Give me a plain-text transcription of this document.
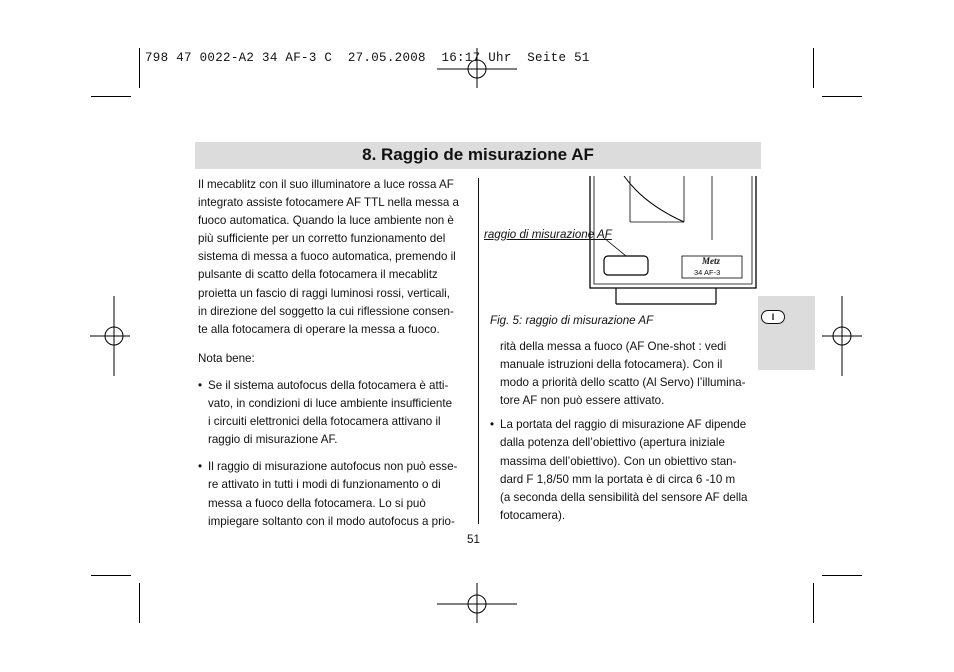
798 47 0022-A2 34 AF-3 C  27.05.2008  16:17 Uhr  Seite 51
8. Raggio de misurazione AF

Il mecablitz con il suo illuminatore a luce rossa AF

integrato assiste fotocamere AF TTL nella messa a

fuoco automatica. Quando la luce ambiente non è

più sufficiente per un corretto funzionamento del

sistema di messa a fuoco automatica, premendo il

pulsante di scatto della fotocamera il mecablitz

proietta un fascio di raggi luminosi rossi, verticali,

in direzione del soggetto la cui riflessione consen-

te alla fotocamera di operare la messa a fuoco.

Nota bene:

• Se il sistema autofocus della fotocamera è atti-

vato, in condizioni di luce ambiente insufficiente

i circuiti elettronici della fotocamera attivano il

raggio di misurazione AF.

• Il raggio di misurazione autofocus non può esse-

re attivato in tutti i modi di funzionamento o di

messa a fuoco della fotocamera. Lo si può

impiegare soltanto con il modo autofocus a prio-

Metz
34 AF-3
raggio di misurazione AF
Fig. 5: raggio di misurazione AF

rità della messa a fuoco (AF One-shot : vedi

manuale istruzioni della fotocamera). Con il

modo a priorità dello scatto (Al Servo) l’illumina-

tore AF non può essere attivato.

• La portata del raggio di misurazione AF dipende

dalla potenza dell’obiettivo (apertura iniziale

massima dell’obiettivo). Con un obiettivo stan-

dard F 1,8/50 mm la portata è di circa 6 -10 m

(a seconda della sensibilità del sensore AF della

fotocamera).

51
I
